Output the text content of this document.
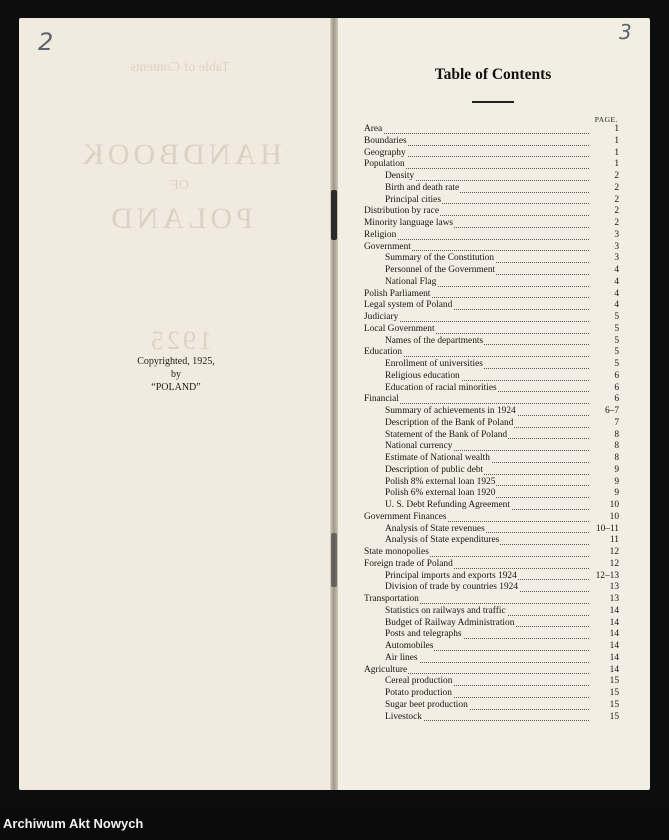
Table of Contents
HANDBOOK
OF
POLAND
1925
2	3
Copyrighted, 1925,
by
“POLAND”
Table of Contents
PAGE.
Area	1
Boundaries	1
Geography	1
Population	1
Density	2
Birth and death rate	2
Principal cities	2
Distribution by race	2
Minority language laws	2
Religion	3
Government	3
Summary of the Constitution	3
Personnel of the Government	4
National Flag	4
Polish Parliament	4
Legal system of Poland	4
Judiciary	5
Local Government	5
Names of the departments	5
Education	5
Enrollment of universities	5
Religious education	6
Education of racial minorities	6
Financial	6
Summary of achievements in 1924	6–7
Description of the Bank of Poland	7
Statement of the Bank of Poland	8
National currency	8
Estimate of National wealth	8
Description of public debt	9
Polish 8% external loan 1925	9
Polish 6% external loan 1920	9
U. S. Debt Refunding Agreement	10
Government Finances	10
Analysis of State revenues	10–11
Analysis of State expenditures	11
State monopolies	12
Foreign trade of Poland	12
Principal imports and exports 1924	12–13
Division of trade by countries 1924	13
Transportation	13
Statistics on railways and traffic	14
Budget of Railway Administration	14
Posts and telegraphs	14
Automobiles	14
Air lines	14
Agriculture	14
Cereal production	15
Potato production	15
Sugar beet production	15
Livestock	15
Archiwum Akt Nowych
